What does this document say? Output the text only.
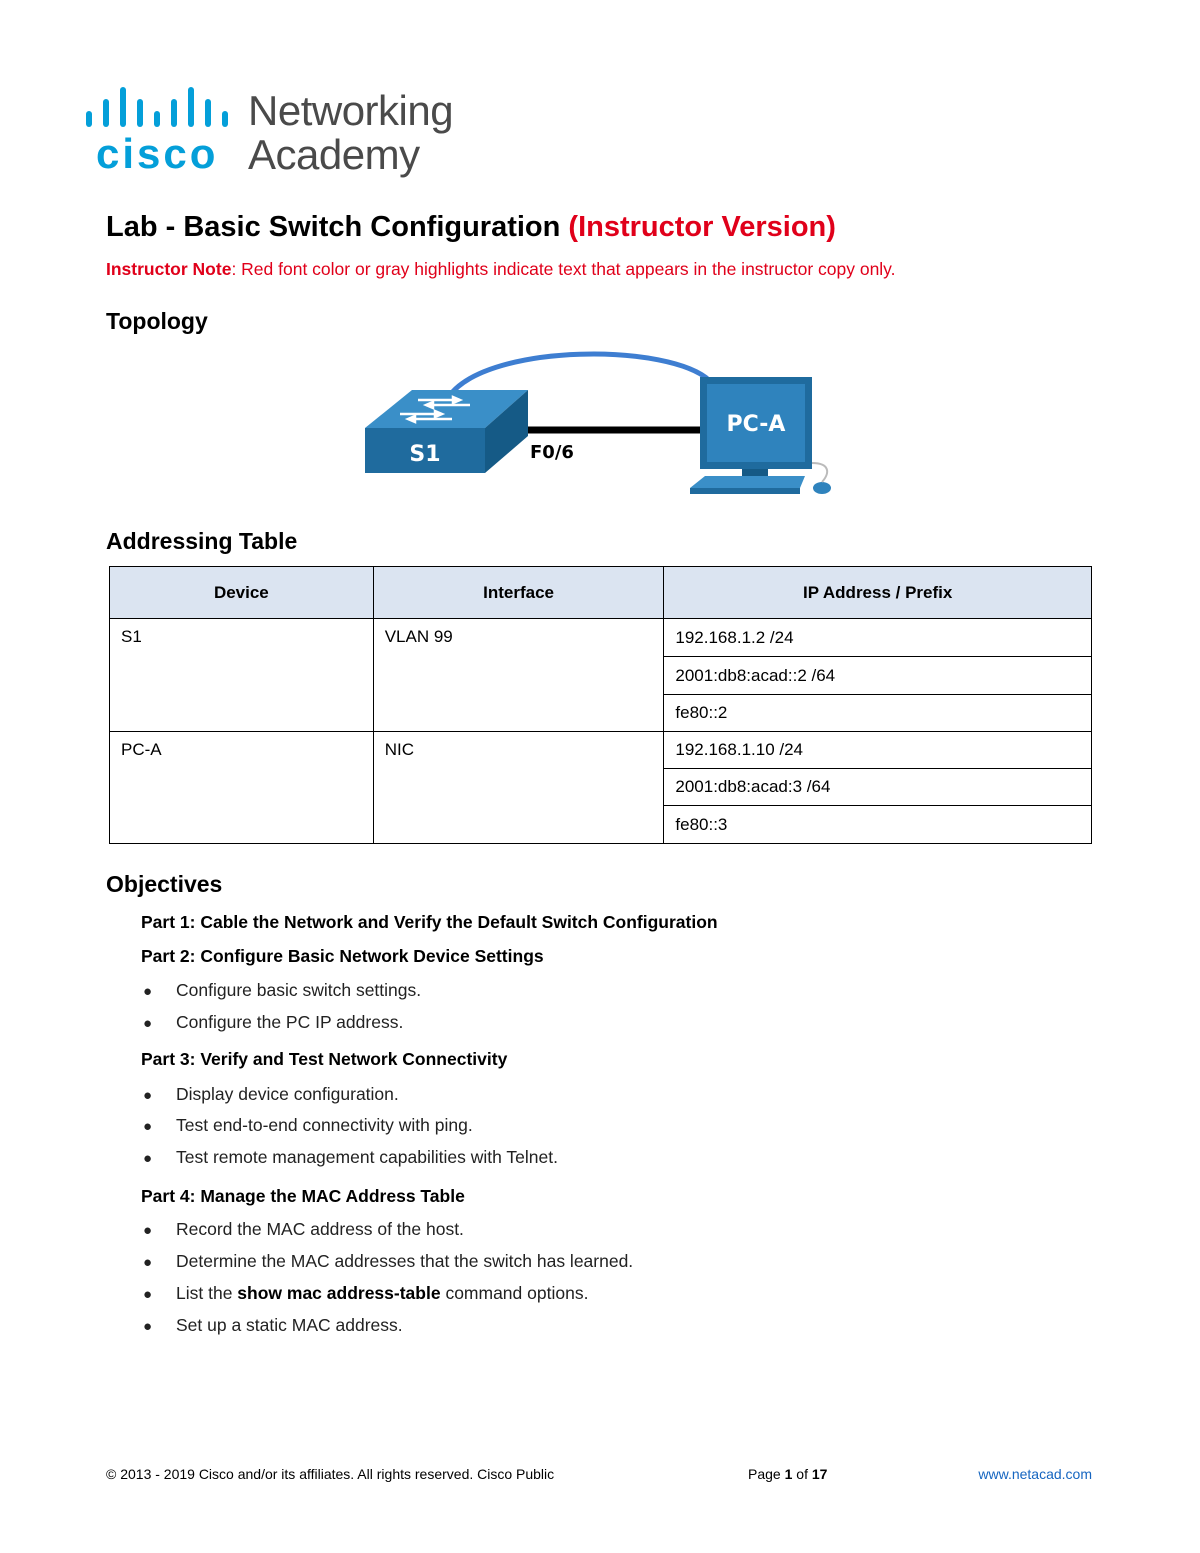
cisco
Networking
Academy
Lab - Basic Switch Configuration (Instructor Version)
Instructor Note: Red font color or gray highlights indicate text that appears in the instructor copy only.
Topology
S1	F0/6
PC-A
Addressing Table
Device	Interface	IP Address / Prefix
S1	VLAN 99	192.168.1.2 /24
		2001:db8:acad::2 /64
		fe80::2
PC-A	NIC	192.168.1.10 /24
		2001:db8:acad:3 /64
		fe80::3
Objectives
Part 1: Cable the Network and Verify the Default Switch Configuration
Part 2: Configure Basic Network Device Settings
● Configure basic switch settings.
● Configure the PC IP address.
Part 3: Verify and Test Network Connectivity
● Display device configuration.
● Test end-to-end connectivity with ping.
● Test remote management capabilities with Telnet.
Part 4: Manage the MAC Address Table
● Record the MAC address of the host.
● Determine the MAC addresses that the switch has learned.
● List the show mac address-table command options.
● Set up a static MAC address.
© 2013 - 2019 Cisco and/or its affiliates. All rights reserved. Cisco Public	Page 1 of 17	www.netacad.com
